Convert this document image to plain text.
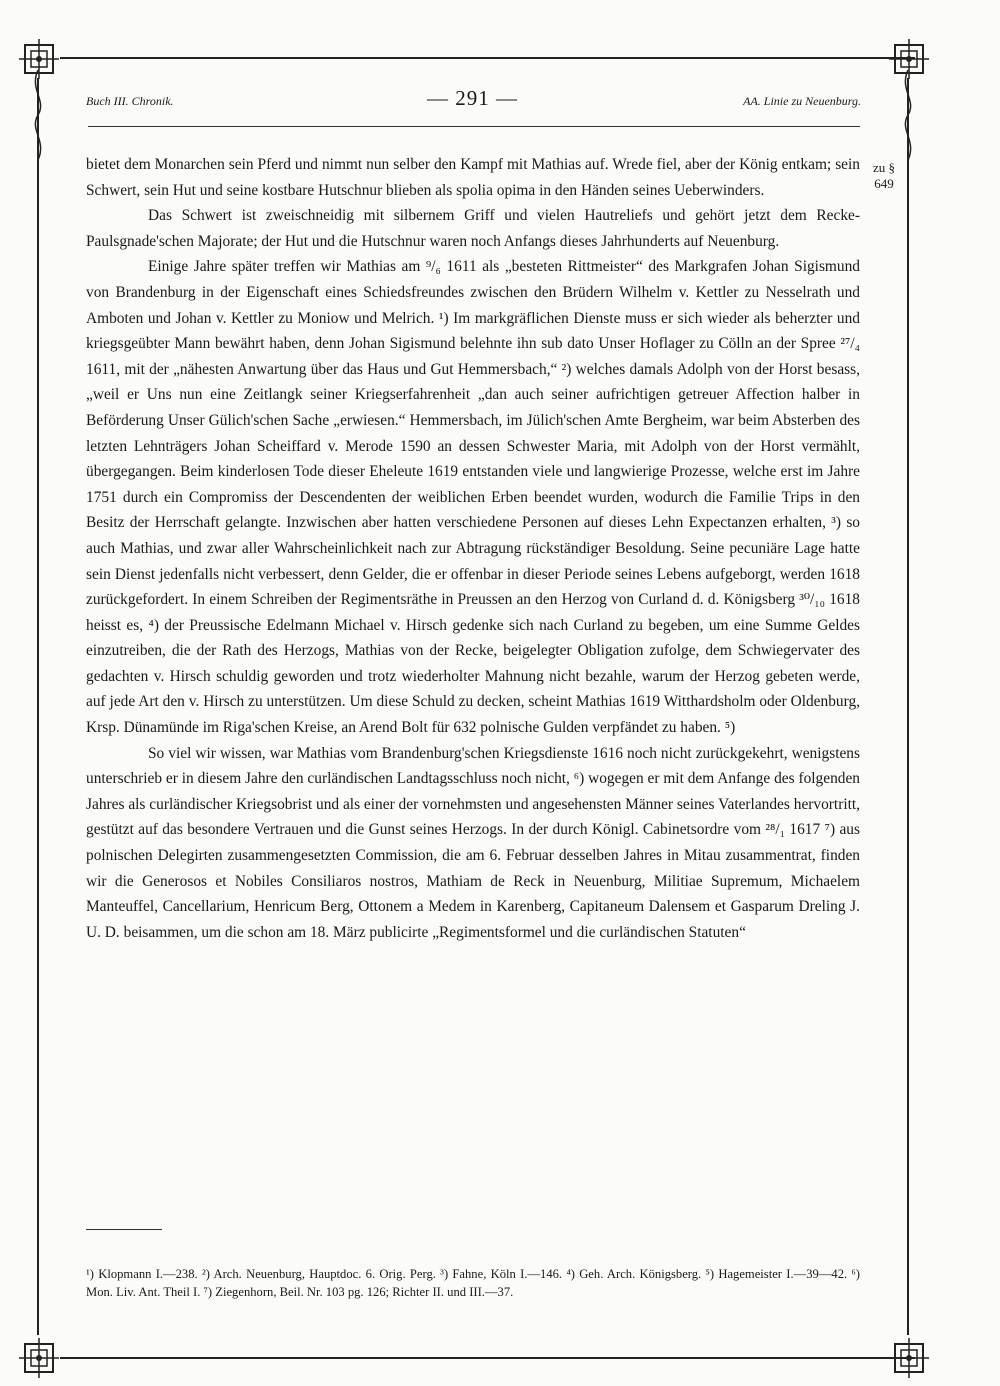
Buch III. Chronik.	— 291 —	AA. Linie zu Neuenburg.
zu § 649

bietet dem Monarchen sein Pferd und nimmt nun selber den Kampf mit Mathias auf. Wrede fiel, aber der König entkam; sein Schwert, sein Hut und seine kostbare Hutschnur blieben als spolia opima in den Händen seines Ueberwinders.

Das Schwert ist zweischneidig mit silbernem Griff und vielen Hautreliefs und gehört jetzt dem Recke-Paulsgnade'schen Majorate; der Hut und die Hutschnur waren noch Anfangs dieses Jahrhunderts auf Neuenburg.

Einige Jahre später treffen wir Mathias am ⁹/₆ 1611 als „besteten Rittmeister“ des Markgrafen Johan Sigismund von Brandenburg in der Eigenschaft eines Schiedsfreundes zwischen den Brüdern Wilhelm v. Kettler zu Nesselrath und Amboten und Johan v. Kettler zu Moniow und Melrich. ¹) Im markgräflichen Dienste muss er sich wieder als beherzter und kriegsgeübter Mann bewährt haben, denn Johan Sigismund belehnte ihn sub dato Unser Hoflager zu Cölln an der Spree ²⁷/₄ 1611, mit der „nähesten Anwartung über das Haus und Gut Hemmersbach,“ ²) welches damals Adolph von der Horst besass, „weil er Uns nun eine Zeitlangk seiner Kriegserfahrenheit „dan auch seiner aufrichtigen getreuer Affection halber in Beförderung Unser Gülich'schen Sache „erwiesen.“ Hemmersbach, im Jülich'schen Amte Bergheim, war beim Absterben des letzten Lehnträgers Johan Scheiffard v. Merode 1590 an dessen Schwester Maria, mit Adolph von der Horst vermählt, übergegangen. Beim kinderlosen Tode dieser Eheleute 1619 entstanden viele und langwierige Prozesse, welche erst im Jahre 1751 durch ein Compromiss der Descendenten der weiblichen Erben beendet wurden, wodurch die Familie Trips in den Besitz der Herrschaft gelangte. Inzwischen aber hatten verschiedene Personen auf dieses Lehn Expectanzen erhalten, ³) so auch Mathias, und zwar aller Wahrscheinlichkeit nach zur Abtragung rückständiger Besoldung. Seine pecuniäre Lage hatte sein Dienst jedenfalls nicht verbessert, denn Gelder, die er offenbar in dieser Periode seines Lebens aufgeborgt, werden 1618 zurückgefordert. In einem Schreiben der Regimentsräthe in Preussen an den Herzog von Curland d. d. Königsberg ³⁰/₁₀ 1618 heisst es, ⁴) der Preussische Edelmann Michael v. Hirsch gedenke sich nach Curland zu begeben, um eine Summe Geldes einzutreiben, die der Rath des Herzogs, Mathias von der Recke, beigelegter Obligation zufolge, dem Schwiegervater des gedachten v. Hirsch schuldig geworden und trotz wiederholter Mahnung nicht bezahle, warum der Herzog gebeten werde, auf jede Art den v. Hirsch zu unterstützen. Um diese Schuld zu decken, scheint Mathias 1619 Witthardsholm oder Oldenburg, Krsp. Dünamünde im Riga'schen Kreise, an Arend Bolt für 632 polnische Gulden verpfändet zu haben. ⁵)

So viel wir wissen, war Mathias vom Brandenburg'schen Kriegsdienste 1616 noch nicht zurückgekehrt, wenigstens unterschrieb er in diesem Jahre den curländischen Landtagsschluss noch nicht, ⁶) wogegen er mit dem Anfange des folgenden Jahres als curländischer Kriegsobrist und als einer der vornehmsten und angesehensten Männer seines Vaterlandes hervortritt, gestützt auf das besondere Vertrauen und die Gunst seines Herzogs. In der durch Königl. Cabinetsordre vom ²⁸/₁ 1617 ⁷) aus polnischen Delegirten zusammengesetzten Commission, die am 6. Februar desselben Jahres in Mitau zusammentrat, finden wir die Generosos et Nobiles Consiliaros nostros, Mathiam de Reck in Neuenburg, Militiae Supremum, Michaelem Manteuffel, Cancellarium, Henricum Berg, Ottonem a Medem in Karenberg, Capitaneum Dalensem et Gasparum Dreling J. U. D. beisammen, um die schon am 18. März publicirte „Regimentsformel und die curländischen Statuten“

¹) Klopmann I.—238. ²) Arch. Neuenburg, Hauptdoc. 6. Orig. Perg. ³) Fahne, Köln I.—146. ⁴) Geh. Arch. Königsberg. ⁵) Hagemeister I.—39—42. ⁶) Mon. Liv. Ant. Theil I. ⁷) Ziegenhorn, Beil. Nr. 103 pg. 126; Richter II. und III.—37.
